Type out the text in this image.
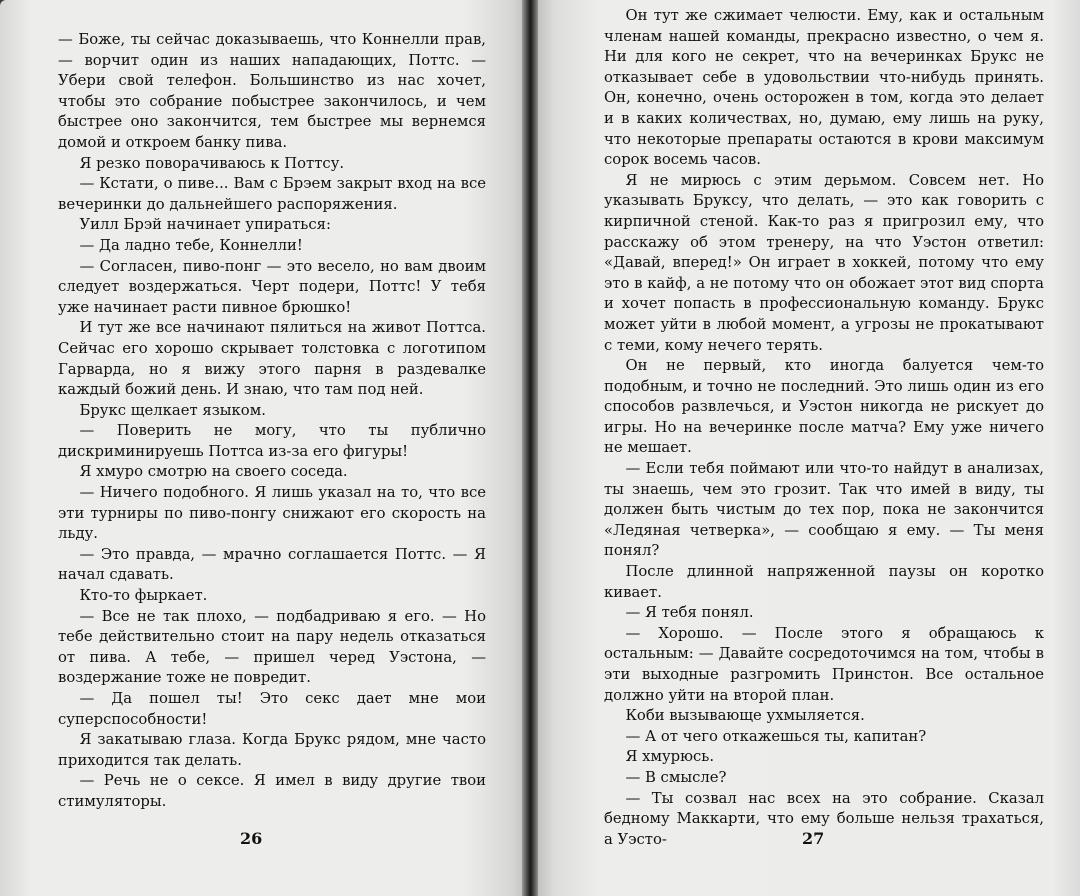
— Боже, ты сейчас доказываешь, что Коннелли прав, — ворчит один из наших нападающих, Поттс. — Убери свой телефон. Большинство из нас хочет, чтобы это собрание побыстрее закончилось, и чем быстрее оно закончится, тем быстрее мы вернемся домой и откроем банку пива.

Я резко поворачиваюсь к Поттсу.

— Кстати, о пиве... Вам с Брэем закрыт вход на все вечеринки до дальнейшего распоряжения.

Уилл Брэй начинает упираться:

— Да ладно тебе, Коннелли!

— Согласен, пиво-понг — это весело, но вам двоим следует воздержаться. Черт подери, Поттс! У тебя уже начинает расти пивное брюшко!

И тут же все начинают пялиться на живот Поттса. Сейчас его хорошо скрывает толстовка с логотипом Гарварда, но я вижу этого парня в раздевалке каждый божий день. И знаю, что там под ней.

Брукс щелкает языком.

— Поверить не могу, что ты публично дискриминируешь Поттса из-за его фигуры!

Я хмуро смотрю на своего соседа.

— Ничего подобного. Я лишь указал на то, что все эти турниры по пиво-понгу снижают его скорость на льду.

— Это правда, — мрачно соглашается Поттс. — Я начал сдавать.

Кто-то фыркает.

— Все не так плохо, — подбадриваю я его. — Но тебе действительно стоит на пару недель отказаться от пива. А тебе, — пришел черед Уэстона, — воздержание тоже не повредит.

— Да пошел ты! Это секс дает мне мои суперспособности!

Я закатываю глаза. Когда Брукс рядом, мне часто приходится так делать.

— Речь не о сексе. Я имел в виду другие твои стимуляторы.

26

Он тут же сжимает челюсти. Ему, как и остальным членам нашей команды, прекрасно известно, о чем я. Ни для кого не секрет, что на вечеринках Брукс не отказывает себе в удовольствии что-нибудь принять. Он, конечно, очень осторожен в том, когда это делает и в каких количествах, но, думаю, ему лишь на руку, что некоторые препараты остаются в крови максимум сорок восемь часов.

Я не мирюсь с этим дерьмом. Совсем нет. Но указывать Бруксу, что делать, — это как говорить с кирпичной стеной. Как-то раз я пригрозил ему, что расскажу об этом тренеру, на что Уэстон ответил: «Давай, вперед!» Он играет в хоккей, потому что ему это в кайф, а не потому что он обожает этот вид спорта и хочет попасть в профессиональную команду. Брукс может уйти в любой момент, а угрозы не прокатывают с теми, кому нечего терять.

Он не первый, кто иногда балуется чем-то подобным, и точно не последний. Это лишь один из его способов развлечься, и Уэстон никогда не рискует до игры. Но на вечеринке после матча? Ему уже ничего не мешает.

— Если тебя поймают или что-то найдут в анализах, ты знаешь, чем это грозит. Так что имей в виду, ты должен быть чистым до тех пор, пока не закончится «Ледяная четверка», — сообщаю я ему. — Ты меня понял?

После длинной напряженной паузы он коротко кивает.

— Я тебя понял.

— Хорошо. — После этого я обращаюсь к остальным: — Давайте сосредоточимся на том, чтобы в эти выходные разгромить Принстон. Все остальное должно уйти на второй план.

Коби вызывающе ухмыляется.

— А от чего откажешься ты, капитан?

Я хмурюсь.

— В смысле?

— Ты созвал нас всех на это собрание. Сказал бедному Маккарти, что ему больше нельзя трахаться, а Уэсто-	27
